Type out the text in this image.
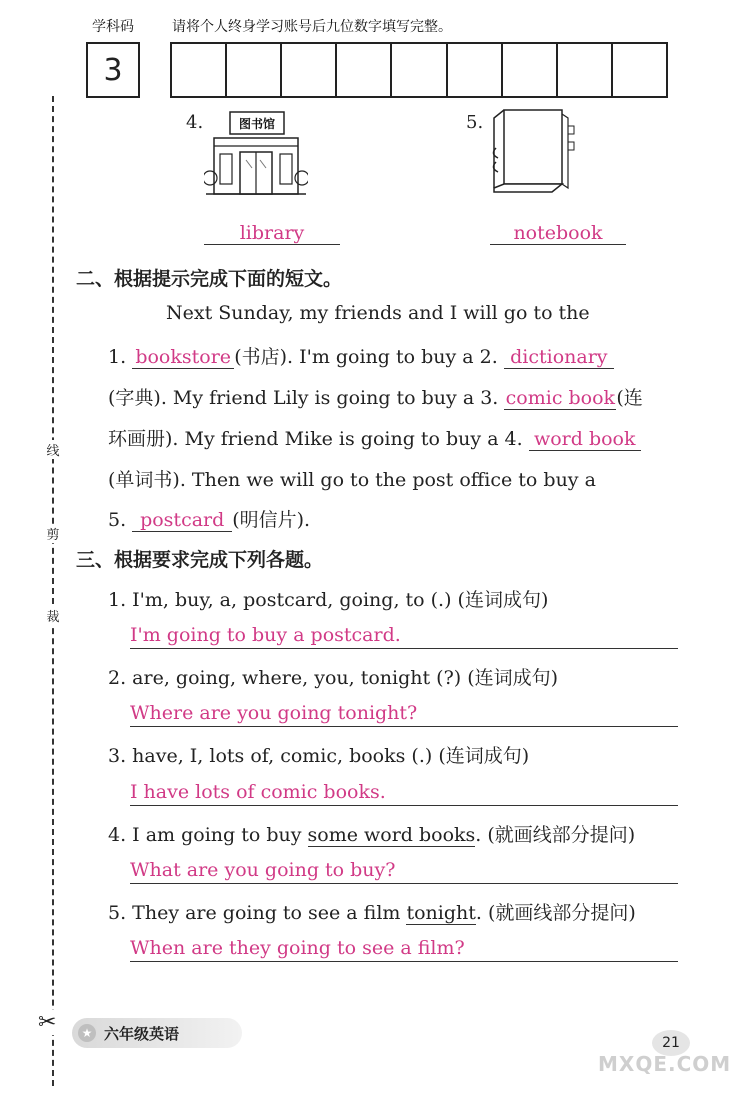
学科码	请将个人终身学习账号后九位数字填写完整。
3
线
剪
裁
✂
4.	图书馆
library
5.
notebook
二、根据提示完成下面的短文。
Next Sunday, my friends and I will go to the
1. bookstore (书店). I'm going to buy a 2. dictionary
(字典). My friend Lily is going to buy a 3. comic book(连
环画册). My friend Mike is going to buy a 4. word book
(单词书). Then we will go to the post office to buy a
5. postcard (明信片).
三、根据要求完成下列各题。
1. I'm, buy, a, postcard, going, to (.) (连词成句)
I'm going to buy a postcard.
2. are, going, where, you, tonight (?) (连词成句)
Where are you going tonight?
3. have, I, lots of, comic, books (.) (连词成句)
I have lots of comic books.
4. I am going to buy some word books. (就画线部分提问)
What are you going to buy?
5. They are going to see a film tonight. (就画线部分提问)
When are they going to see a film?
★ 六年级英语
21
MXQE.COM
